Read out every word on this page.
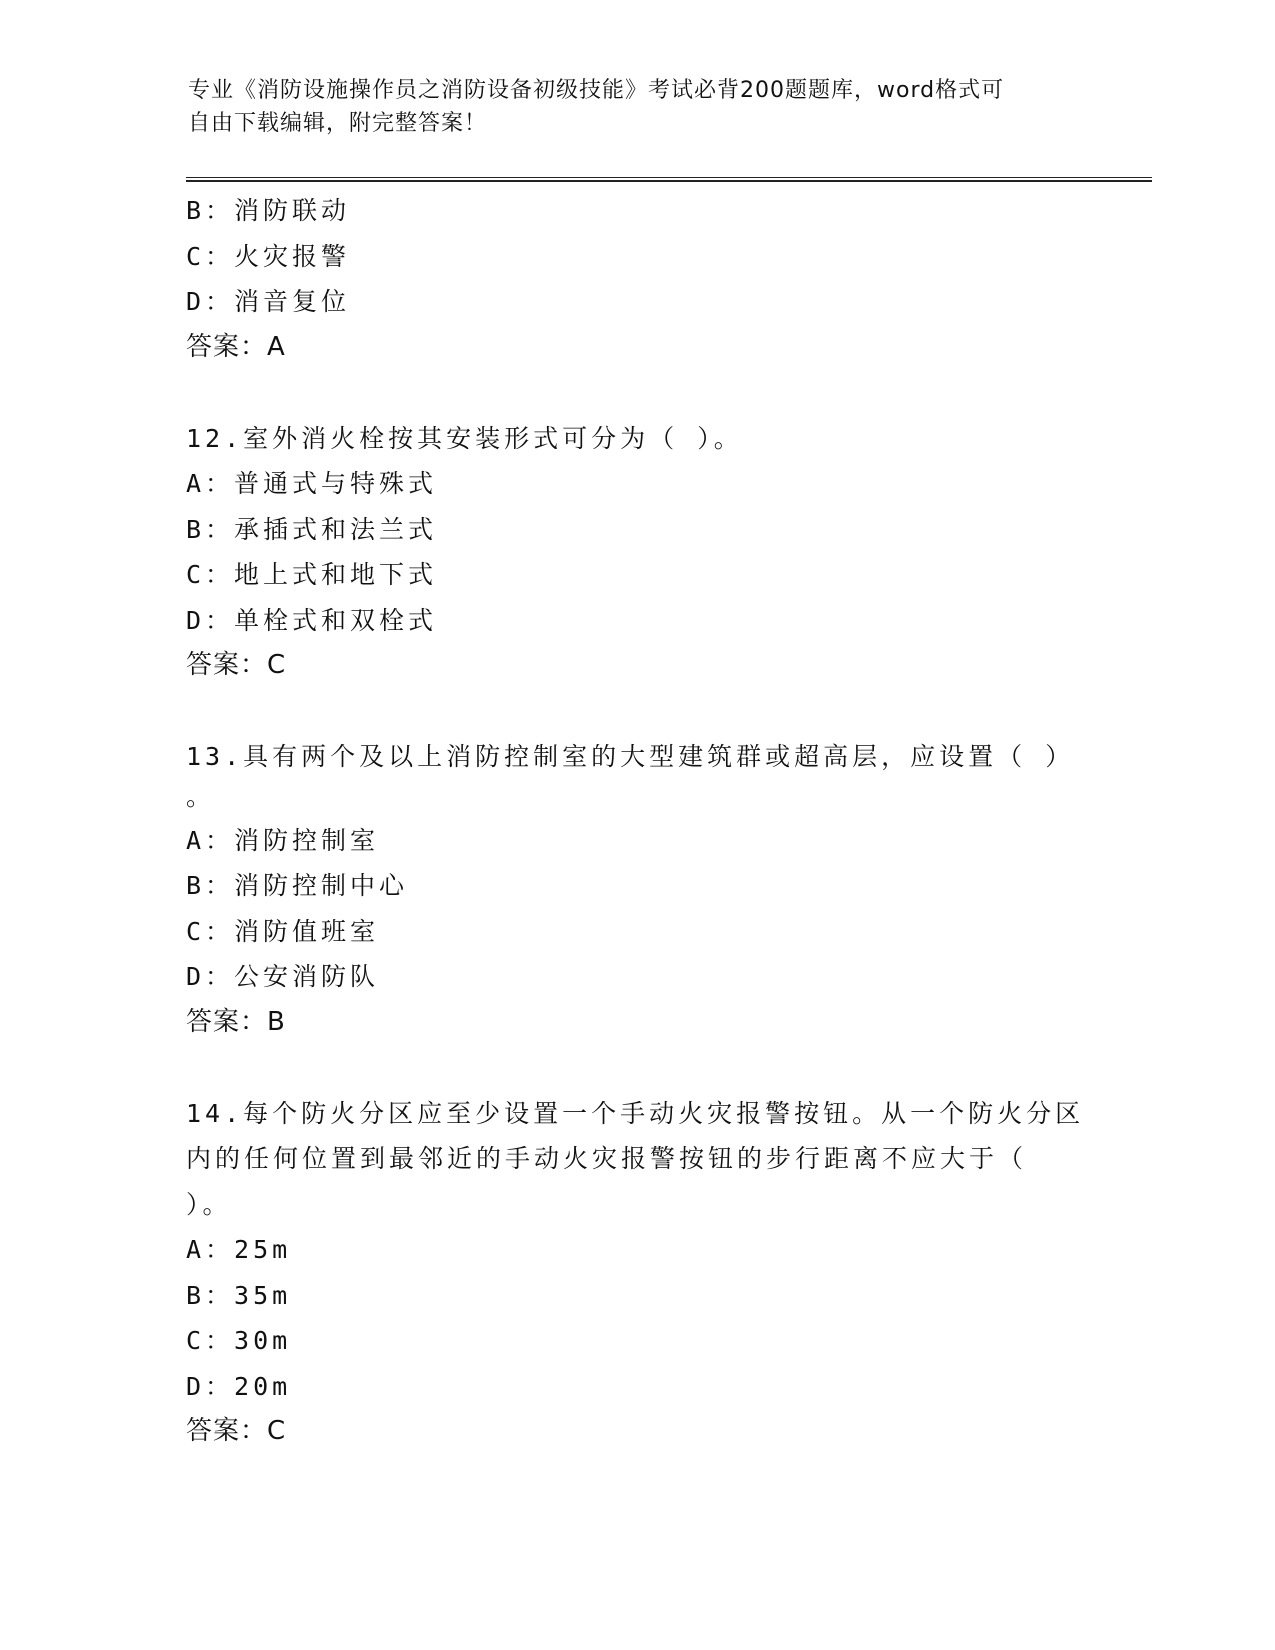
专业《消防设施操作员之消防设备初级技能》考试必背200题题库，word格式可
自由下载编辑，附完整答案！
B：消防联动
C：火灾报警
D：消音复位
答案：A
12.室外消火栓按其安装形式可分为（ ）。
A：普通式与特殊式
B：承插式和法兰式
C：地上式和地下式
D：单栓式和双栓式
答案：C
13.具有两个及以上消防控制室的大型建筑群或超高层，应设置（ ）
。
A：消防控制室
B：消防控制中心
C：消防值班室
D：公安消防队
答案：B
14.每个防火分区应至少设置一个手动火灾报警按钮。从一个防火分区
内的任何位置到最邻近的手动火灾报警按钮的步行距离不应大于（
）。
A：25m
B：35m
C：30m
D：20m
答案：C
